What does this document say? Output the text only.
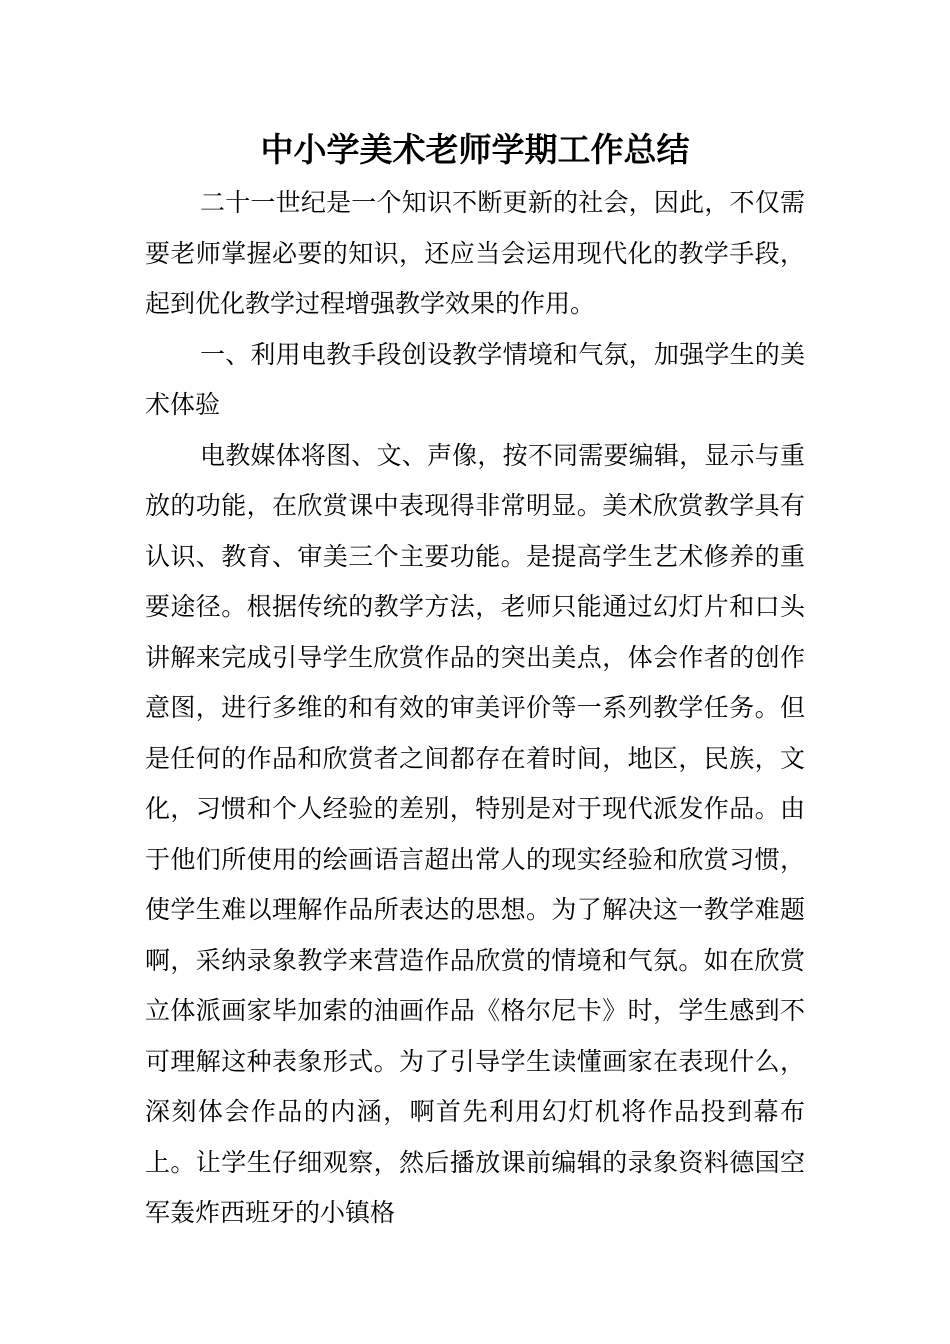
中小学美术老师学期工作总结

二十一世纪是一个知识不断更新的社会，因此，不仅需要老师掌握必要的知识，还应当会运用现代化的教学手段，起到优化教学过程增强教学效果的作用。

一、利用电教手段创设教学情境和气氛，加强学生的美术体验

电教媒体将图、文、声像，按不同需要编辑，显示与重放的功能，在欣赏课中表现得非常明显。美术欣赏教学具有认识、教育、审美三个主要功能。是提高学生艺术修养的重要途径。根据传统的教学方法，老师只能通过幻灯片和口头讲解来完成引导学生欣赏作品的突出美点，体会作者的创作意图，进行多维的和有效的审美评价等一系列教学任务。但是任何的作品和欣赏者之间都存在着时间，地区，民族，文化，习惯和个人经验的差别，特别是对于现代派发作品。由于他们所使用的绘画语言超出常人的现实经验和欣赏习惯，使学生难以理解作品所表达的思想。为了解决这一教学难题啊，采纳录象教学来营造作品欣赏的情境和气氛。如在欣赏立体派画家毕加索的油画作品《格尔尼卡》时，学生感到不可理解这种表象形式。为了引导学生读懂画家在表现什么，深刻体会作品的内涵，啊首先利用幻灯机将作品投到幕布上。让学生仔细观察，然后播放课前编辑的录象资料德国空军轰炸西班牙的小镇格
